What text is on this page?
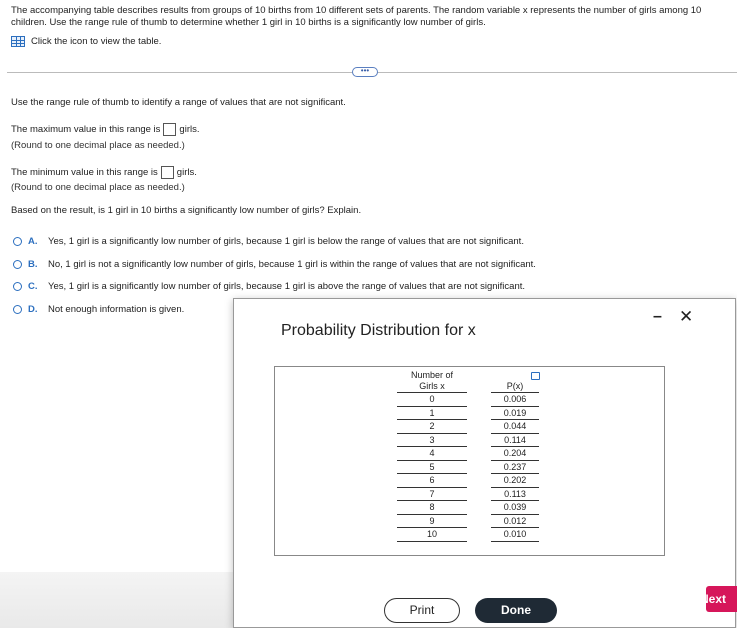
The accompanying table describes results from groups of 10 births from 10 different sets of parents. The random variable x represents the number of girls among 10 children. Use the range rule of thumb to determine whether 1 girl in 10 births is a significantly low number of girls.
Click the icon to view the table.
•••
Use the range rule of thumb to identify a range of values that are not significant.
The maximum value in this range is girls.
(Round to one decimal place as needed.)
The minimum value in this range is girls.
(Round to one decimal place as needed.)
Based on the result, is 1 girl in 10 births a significantly low number of girls? Explain.
A.	Yes, 1 girl is a significantly low number of girls, because 1 girl is below the range of values that are not significant.
B.	No, 1 girl is not a significantly low number of girls, because 1 girl is within the range of values that are not significant.
C.	Yes, 1 girl is a significantly low number of girls, because 1 girl is above the range of values that are not significant.
D.	Not enough information is given.
Probability Distribution for x
– ✕
Number of
Girls x		P(x)
0		0.006
1		0.019
2		0.044
3		0.114
4		0.204
5		0.237
6		0.202
7		0.113
8		0.039
9		0.012
10		0.010
Print	Done
Next
